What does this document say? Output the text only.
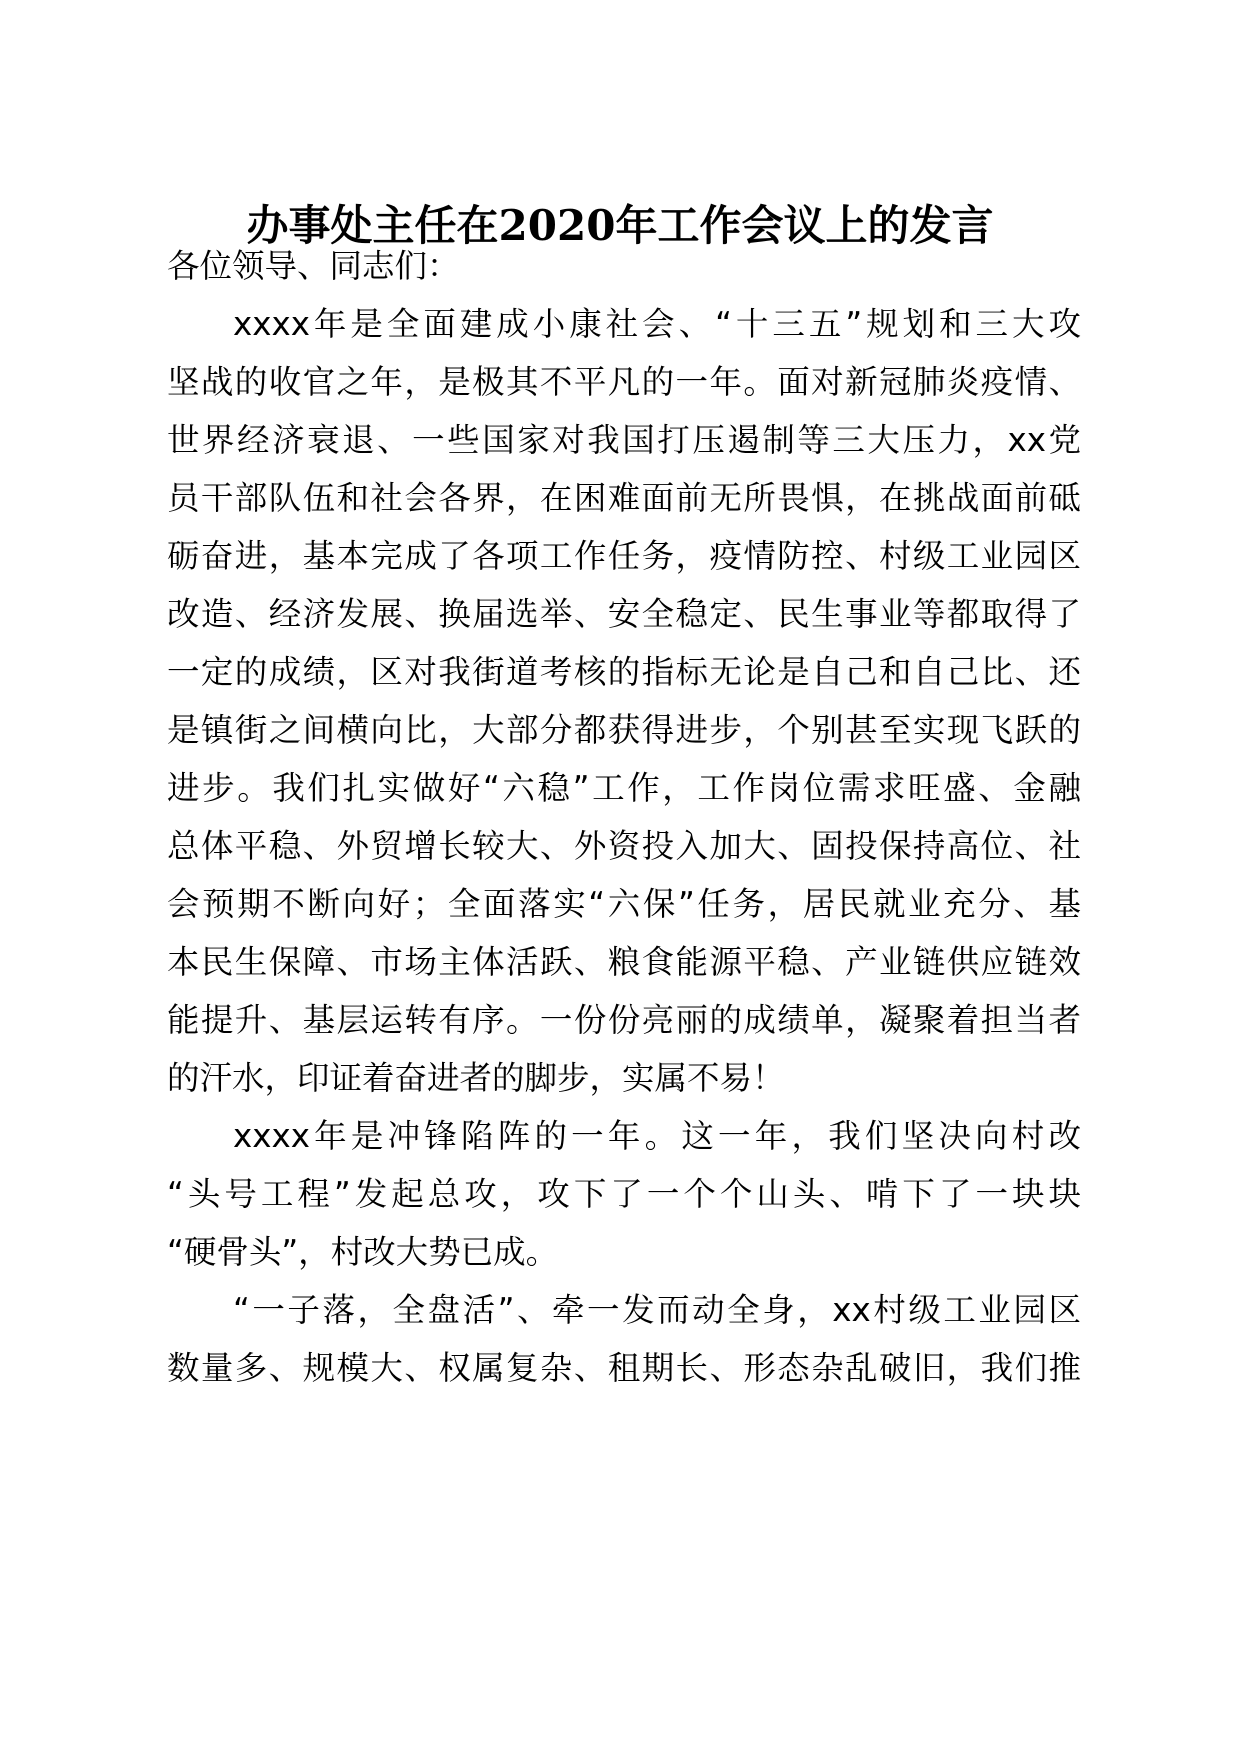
办事处主任在2020年工作会议上的发言
各位领导、同志们：
xxxx年是全面建成小康社会、“十三五”规划和三大攻
坚战的收官之年，是极其不平凡的一年。面对新冠肺炎疫情、
世界经济衰退、一些国家对我国打压遏制等三大压力，xx党
员干部队伍和社会各界，在困难面前无所畏惧，在挑战面前砥
砺奋进，基本完成了各项工作任务，疫情防控、村级工业园区
改造、经济发展、换届选举、安全稳定、民生事业等都取得了
一定的成绩，区对我街道考核的指标无论是自己和自己比、还
是镇街之间横向比，大部分都获得进步，个别甚至实现飞跃的
进步。我们扎实做好“六稳”工作，工作岗位需求旺盛、金融
总体平稳、外贸增长较大、外资投入加大、固投保持高位、社
会预期不断向好；全面落实“六保”任务，居民就业充分、基
本民生保障、市场主体活跃、粮食能源平稳、产业链供应链效
能提升、基层运转有序。一份份亮丽的成绩单，凝聚着担当者
的汗水，印证着奋进者的脚步，实属不易！
xxxx年是冲锋陷阵的一年。这一年，我们坚决向村改
“头号工程”发起总攻，攻下了一个个山头、啃下了一块块
“硬骨头”，村改大势已成。
“一子落，全盘活”、牵一发而动全身，xx村级工业园区
数量多、规模大、权属复杂、租期长、形态杂乱破旧，我们推
